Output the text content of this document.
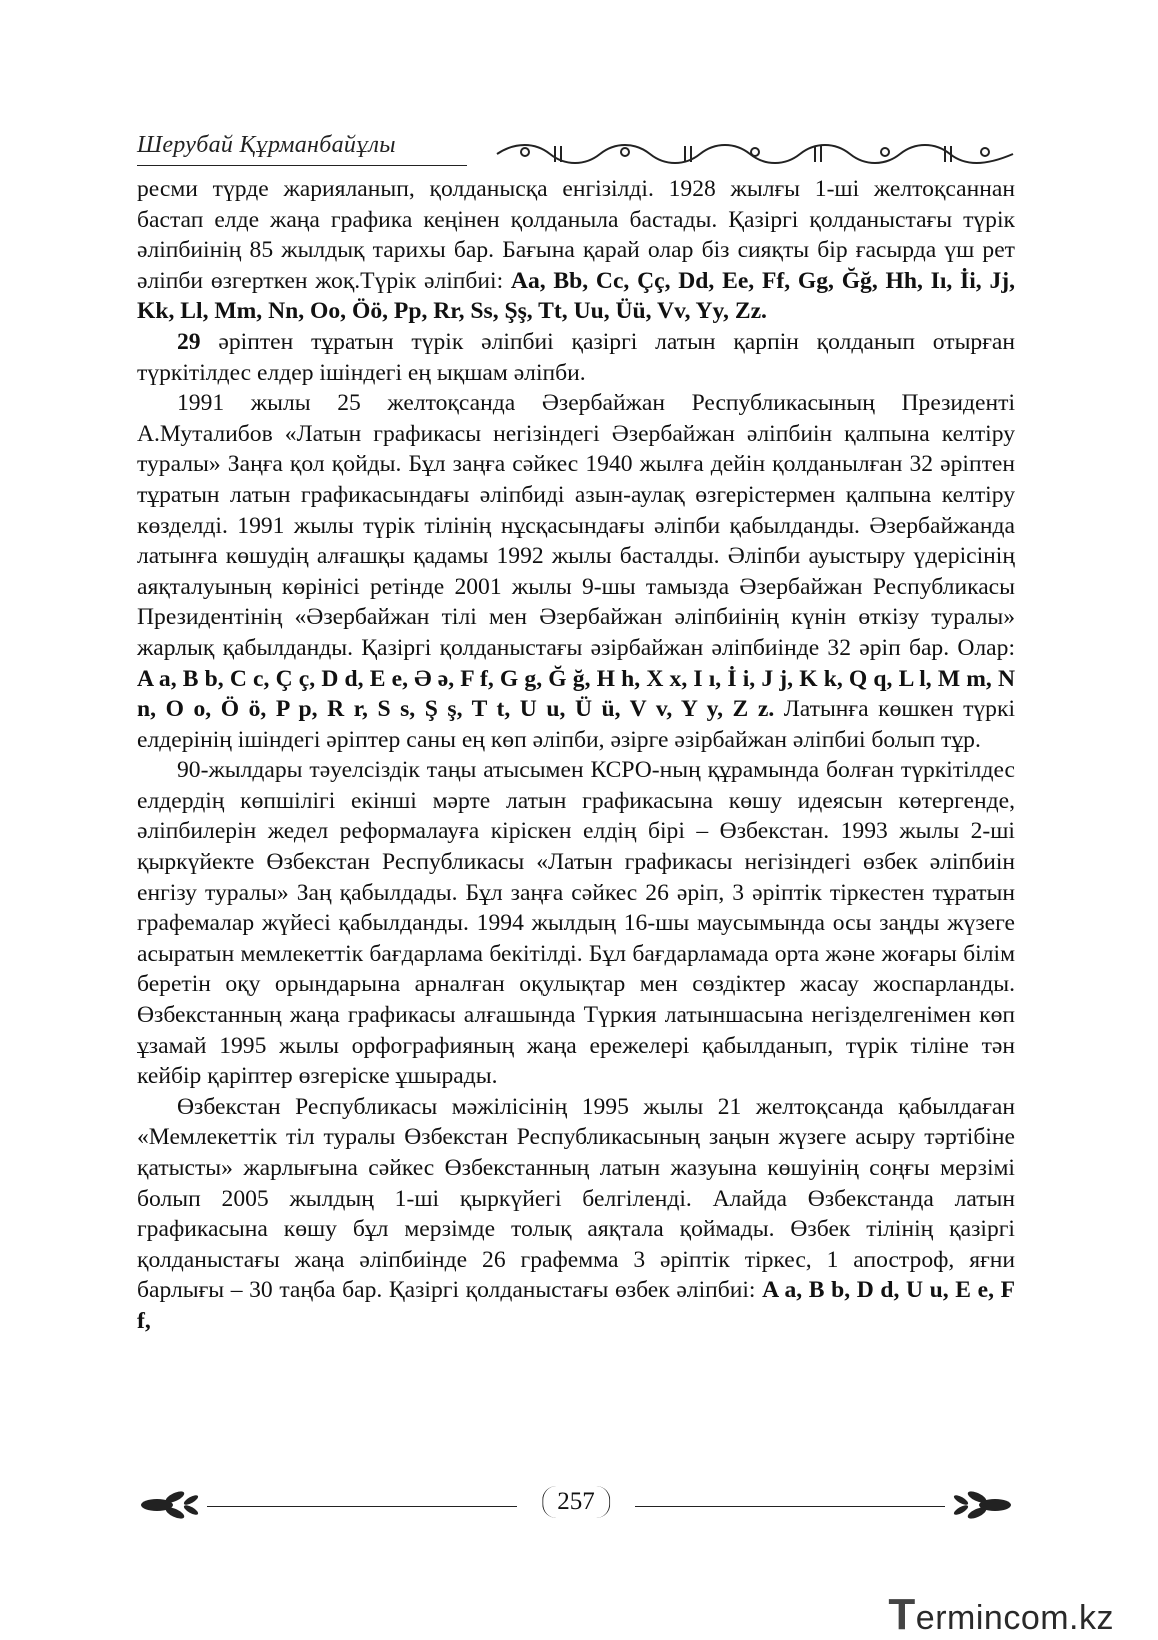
Шерубай Құрманбайұлы

ресми түрде жарияланып, қолданысқа енгізілді. 1928 жылғы 1-ші желтоқсаннан бастап елде жаңа графика кеңінен қолданыла бастады. Қазіргі қолданыстағы түрік әліпбиінің 85 жылдық тарихы бар. Бағына қарай олар біз сияқты бір ғасырда үш рет әліпби өзгерткен жоқ.Түрік әліпбиі: Aa, Bb, Cc, Çç, Dd, Ee, Ff, Gg, Ğğ, Hh, Iı, İi, Jj, Kk, Ll, Mm, Nn, Oo, Öö, Pp, Rr, Ss, Şş, Tt, Uu, Üü, Vv, Yy, Zz.

29 әріптен тұратын түрік әліпбиі қазіргі латын қарпін қолданып отырған түркітілдес елдер ішіндегі ең ықшам әліпби.

1991 жылы 25 желтоқсанда Әзербайжан Республикасының Президенті А.Муталибов «Латын графикасы негізіндегі Әзербайжан әліпбиін қалпына келтіру туралы» Заңға қол қойды. Бұл заңға сәйкес 1940 жылға дейін қолданылған 32 әріптен тұратын латын графикасындағы әліпбиді азын-аулақ өзгерістермен қалпына келтіру көзделді. 1991 жылы түрік тілінің нұсқасындағы әліпби қабылданды. Әзербайжанда латынға көшудің алғашқы қадамы 1992 жылы басталды. Әліпби ауыстыру үдерісінің аяқталуының көрінісі ретінде 2001 жылы 9-шы тамызда Әзербайжан Республикасы Президентінің «Әзербайжан тілі мен Әзербайжан әліпбиінің күнін өткізу туралы» жарлық қабылданды. Қазіргі қолданыстағы әзірбайжан әліпбиінде 32 әріп бар. Олар: A a, B b, C c, Ç ç, D d, E e, Ə ə, F f, G g, Ğ ğ, H h, X x, I ı, İ i, J j, K k, Q q, L l, M m, N n, O o, Ö ö, P p, R r, S s, Ş ş, T t, U u, Ü ü, V v, Y y, Z z. Латынға көшкен түркі елдерінің ішіндегі әріптер саны ең көп әліпби, әзірге әзірбайжан әліпбиі болып тұр.

90-жылдары тәуелсіздік таңы атысымен КСРО-ның құрамында болған түркітілдес елдердің көпшілігі екінші мәрте латын графикасына көшу идеясын көтергенде, әліпбилерін жедел реформалауға кірiскен елдің бірі – Өзбекстан. 1993 жылы 2-ші қыркүйекте Өзбекстан Республикасы «Латын графикасы негізіндегі өзбек әліпбиін енгізу туралы» Заң қабылдады. Бұл заңға сәйкес 26 әріп, 3 әріптік тіркестен тұратын графемалар жүйесі қабылданды. 1994 жылдың 16-шы маусымында осы заңды жүзеге асыратын мемлекеттік бағдарлама бекітілді. Бұл бағдарламада орта және жоғары білім беретін оқу орындарына арналған оқулықтар мен сөздіктер жасау жоспарланды. Өзбекстанның жаңа графикасы алғашында Түркия латыншасына негізделгенімен көп ұзамай 1995 жылы орфографияның жаңа ережелері қабылданып, түрік тіліне тән кейбір қаріптер өзгеріске ұшырады.

Өзбекстан Республикасы мәжілісінің 1995 жылы 21 желтоқсанда қабылдаған «Мемлекеттік тіл туралы Өзбекстан Республикасының заңын жүзеге асыру тәртібіне қатысты» жарлығына сәйкес Өзбекстанның латын жазуына көшуінің соңғы мерзімі болып 2005 жылдың 1-ші қыркүйегі белгіленді. Алайда Өзбекстанда латын графикасына көшу бұл мерзімде толық аяқтала қоймады. Өзбек тілінің қазіргі қолданыстағы жаңа әліпбиінде 26 графемма 3 әріптік тіркес, 1 апостроф, яғни барлығы – 30 таңба бар. Қазіргі қолданыстағы өзбек әліпбиі: A a, B b, D d, U u, E e, F f,

257
Termincom.kz
